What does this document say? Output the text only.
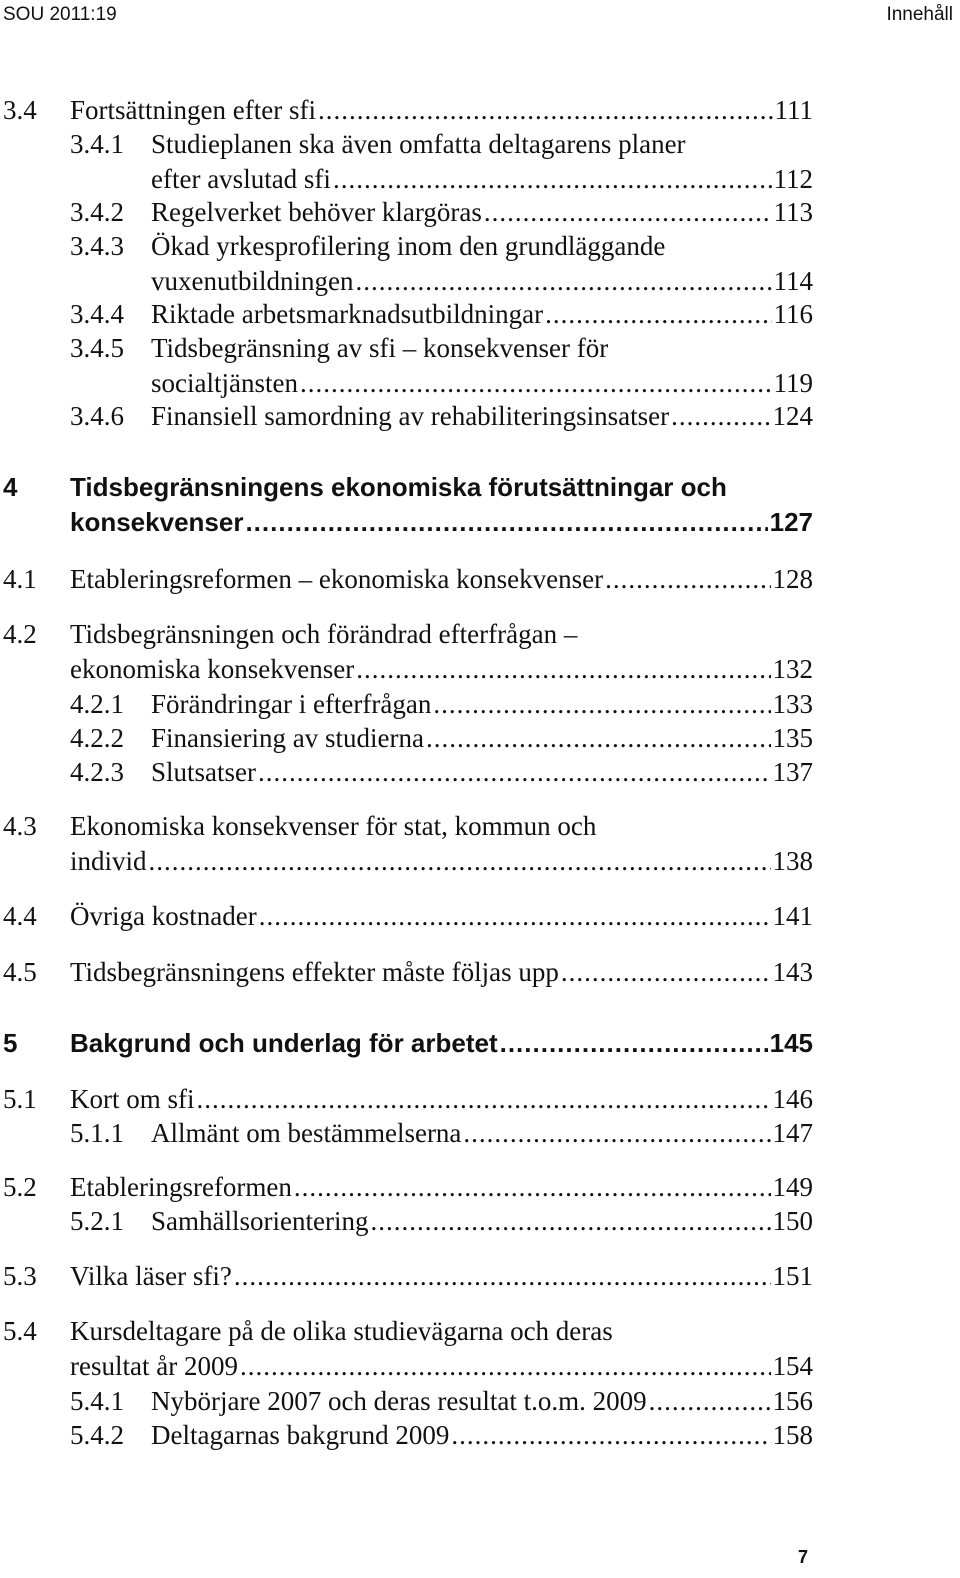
SOU 2011:19	Innehåll
3.4 Fortsättningen efter sfi .....	111
3.4.1 Studieplanen ska även omfatta deltagarens planer
efter avslutad sfi .....	112
3.4.2 Regelverket behöver klargöras .....	113
3.4.3 Ökad yrkesprofilering inom den grundläggande
vuxenutbildningen .....	114
3.4.4 Riktade arbetsmarknadsutbildningar .....	116
3.4.5 Tidsbegränsning av sfi – konsekvenser för
socialtjänsten .....	119
3.4.6 Finansiell samordning av rehabiliteringsinsatser .....	124
4 Tidsbegränsningens ekonomiska förutsättningar och
konsekvenser .....	127
4.1 Etableringsreformen – ekonomiska konsekvenser .....	128
4.2 Tidsbegränsningen och förändrad efterfrågan –
ekonomiska konsekvenser .....	132
4.2.1 Förändringar i efterfrågan .....	133
4.2.2 Finansiering av studierna .....	135
4.2.3 Slutsatser .....	137
4.3 Ekonomiska konsekvenser för stat, kommun och
individ .....	138
4.4 Övriga kostnader .....	141
4.5 Tidsbegränsningens effekter måste följas upp .....	143
5 Bakgrund och underlag för arbetet .....	145
5.1 Kort om sfi .....	146
5.1.1 Allmänt om bestämmelserna .....	147
5.2 Etableringsreformen .....	149
5.2.1 Samhällsorientering .....	150
5.3 Vilka läser sfi? .....	151
5.4 Kursdeltagare på de olika studievägarna och deras
resultat år 2009 .....	154
5.4.1 Nybörjare 2007 och deras resultat t.o.m. 2009 .....	156
5.4.2 Deltagarnas bakgrund 2009 .....	158
7
